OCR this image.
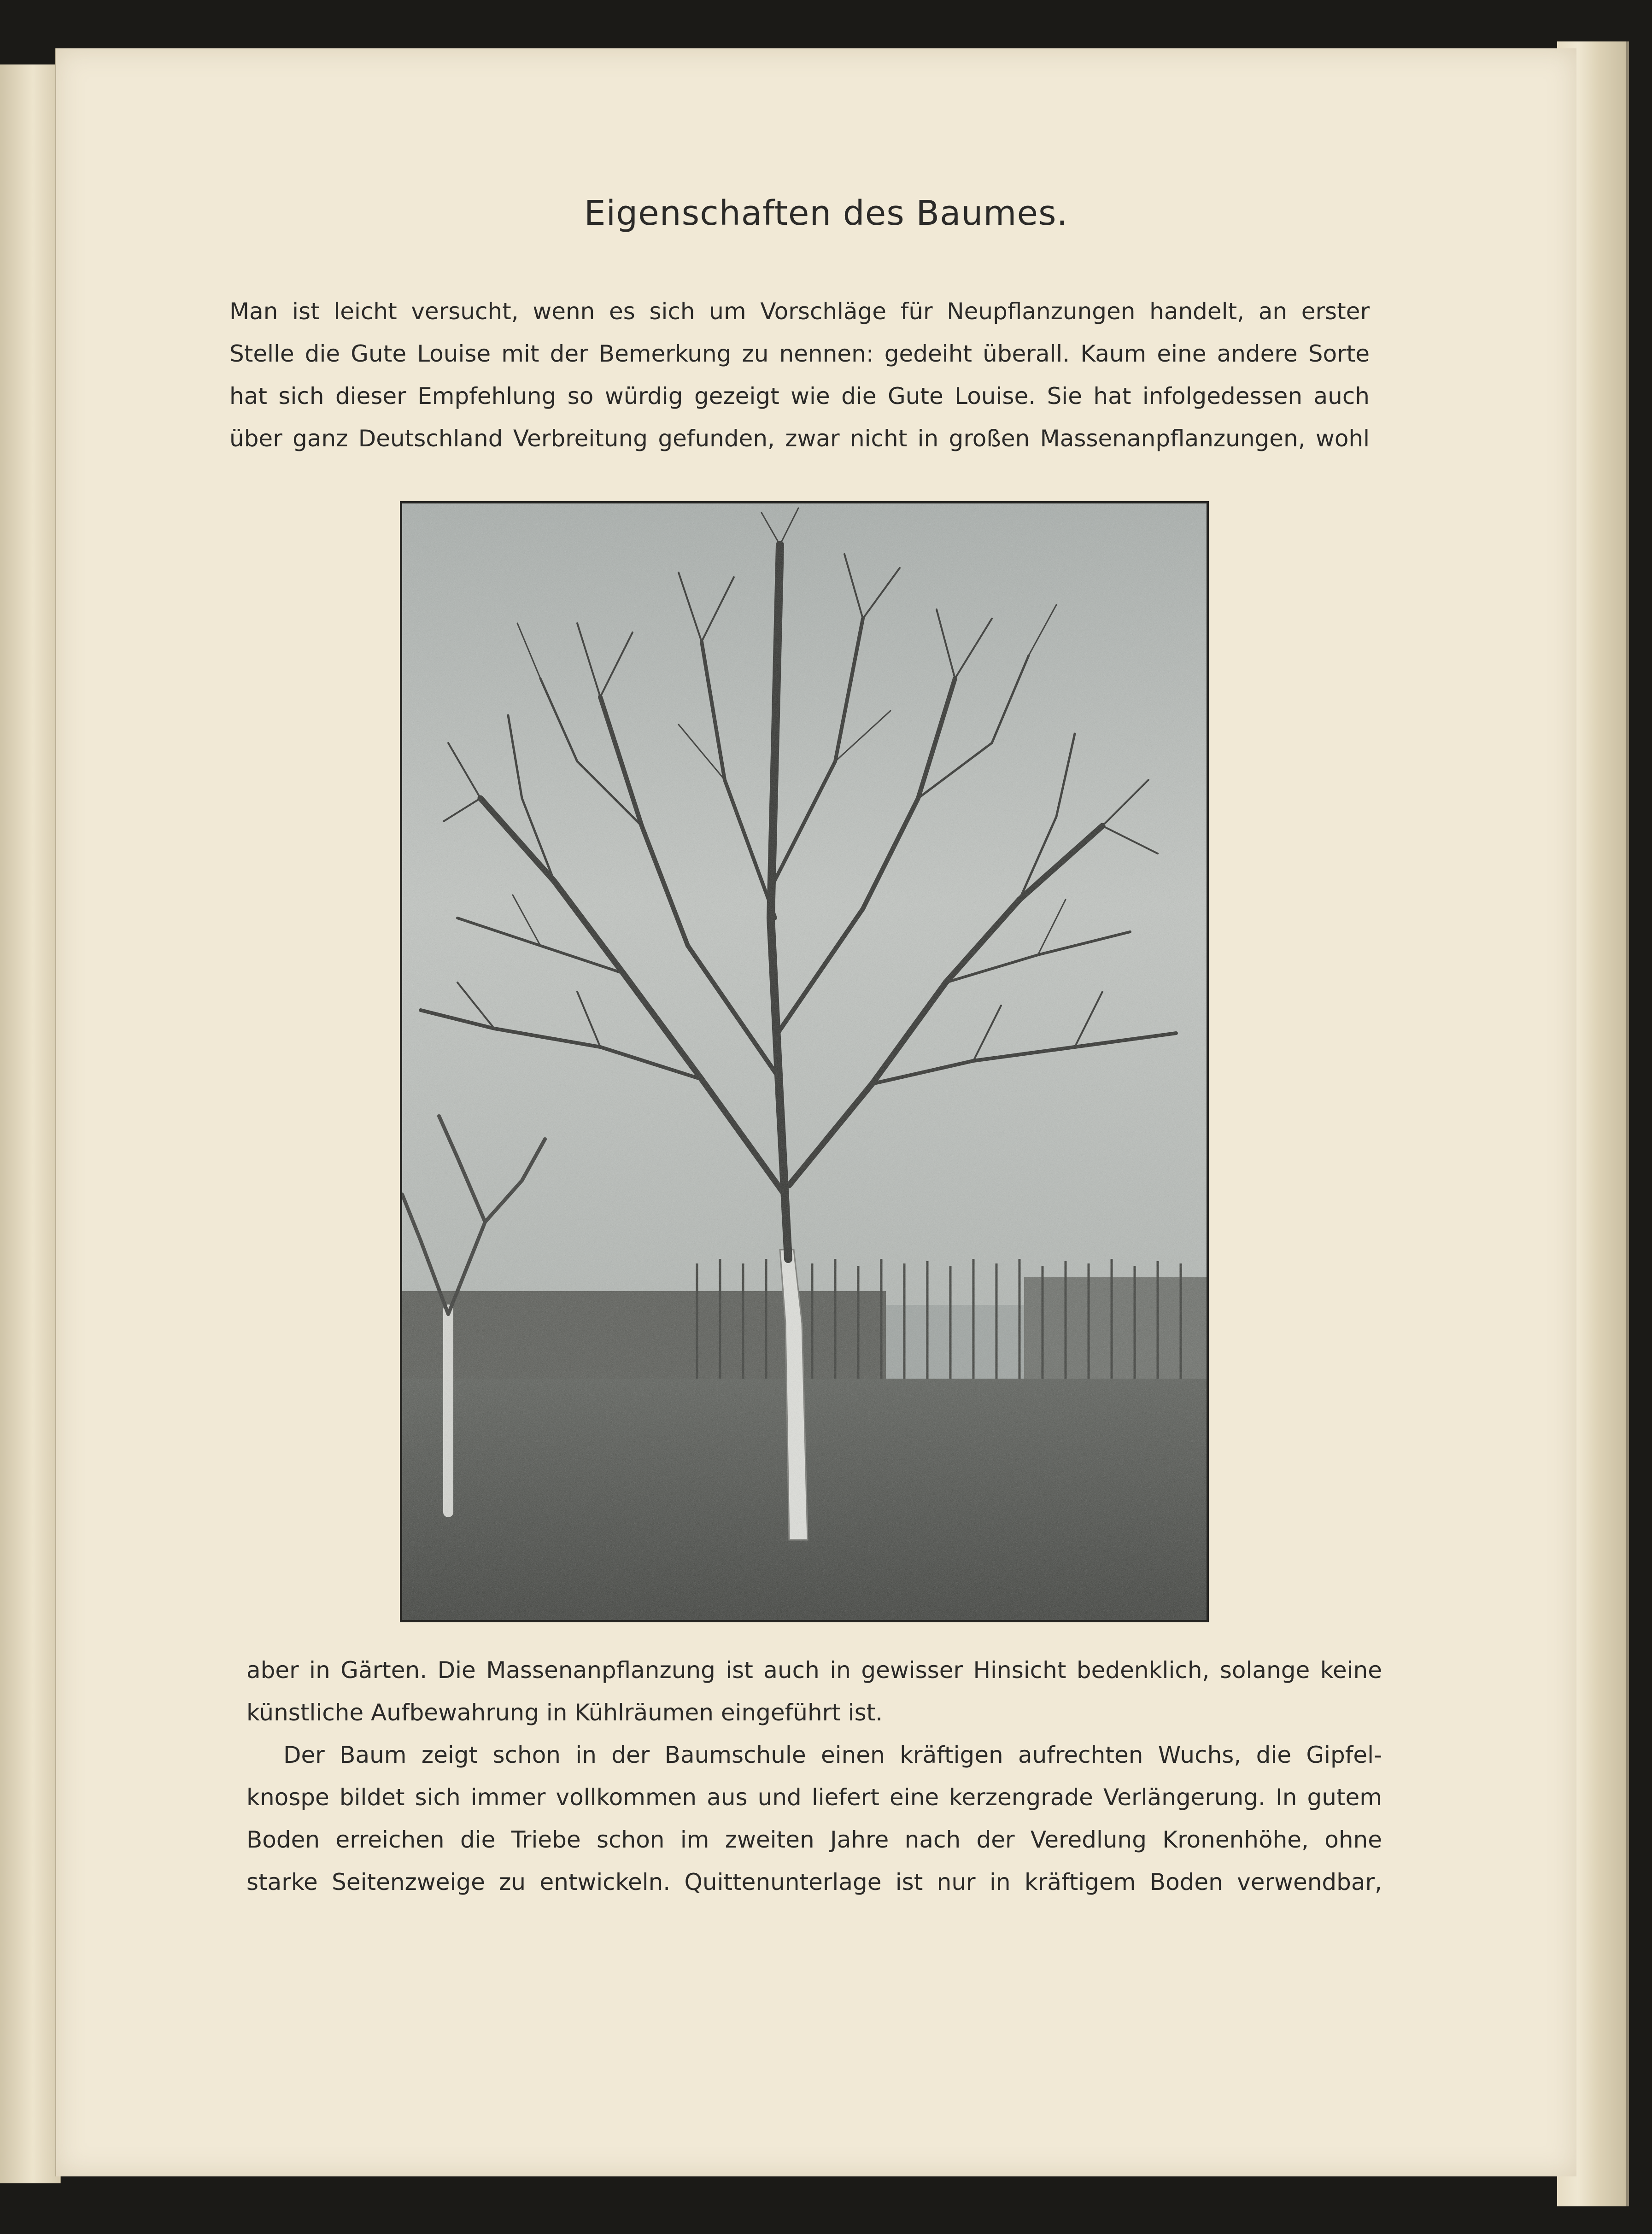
Eigenschaften des Baumes.
Man ist leicht versucht, wenn es sich um Vorschläge für Neupflanzungen handelt, an erster
Stelle die Gute Louise mit der Bemerkung zu nennen: gedeiht überall. Kaum eine andere Sorte
hat sich dieser Empfehlung so würdig gezeigt wie die Gute Louise. Sie hat infolgedessen auch
über ganz Deutschland Verbreitung gefunden, zwar nicht in großen Massenanpflanzungen, wohl
aber in Gärten. Die Massenanpflanzung ist auch in gewisser Hinsicht bedenklich, solange keine
künstliche Aufbewahrung in Kühlräumen eingeführt ist.
Der Baum zeigt schon in der Baumschule einen kräftigen aufrechten Wuchs, die Gipfel-
knospe bildet sich immer vollkommen aus und liefert eine kerzengrade Verlängerung. In gutem
Boden erreichen die Triebe schon im zweiten Jahre nach der Veredlung Kronenhöhe, ohne
starke Seitenzweige zu entwickeln. Quittenunterlage ist nur in kräftigem Boden verwendbar,
